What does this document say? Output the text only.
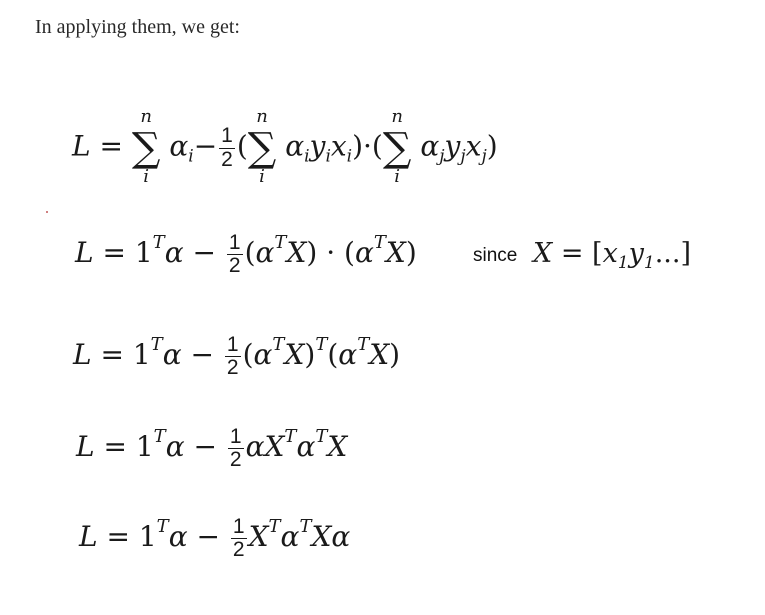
In applying them, we get:
L =
n
∑
i
$\alpha_i- \frac{1}{2}$ (
n
∑
i
$\alpha_iy_ix_i)\cdot$(
n
∑
i
$\alpha_jy_jx_j$)
$L = 1^T\alpha - \frac{1}{2} (\alpha^TX) \cdot (\alpha^TX)$	since $X = [x_1y_1...]$
$L = 1^T\alpha - \frac{1}{2} (\alpha^TX)^T(\alpha^TX)$
$L = 1^T\alpha - \frac{1}{2} \alpha X^T\alpha^TX$
$L = 1^T\alpha - \frac{1}{2} X^T\alpha^TX\alpha$
